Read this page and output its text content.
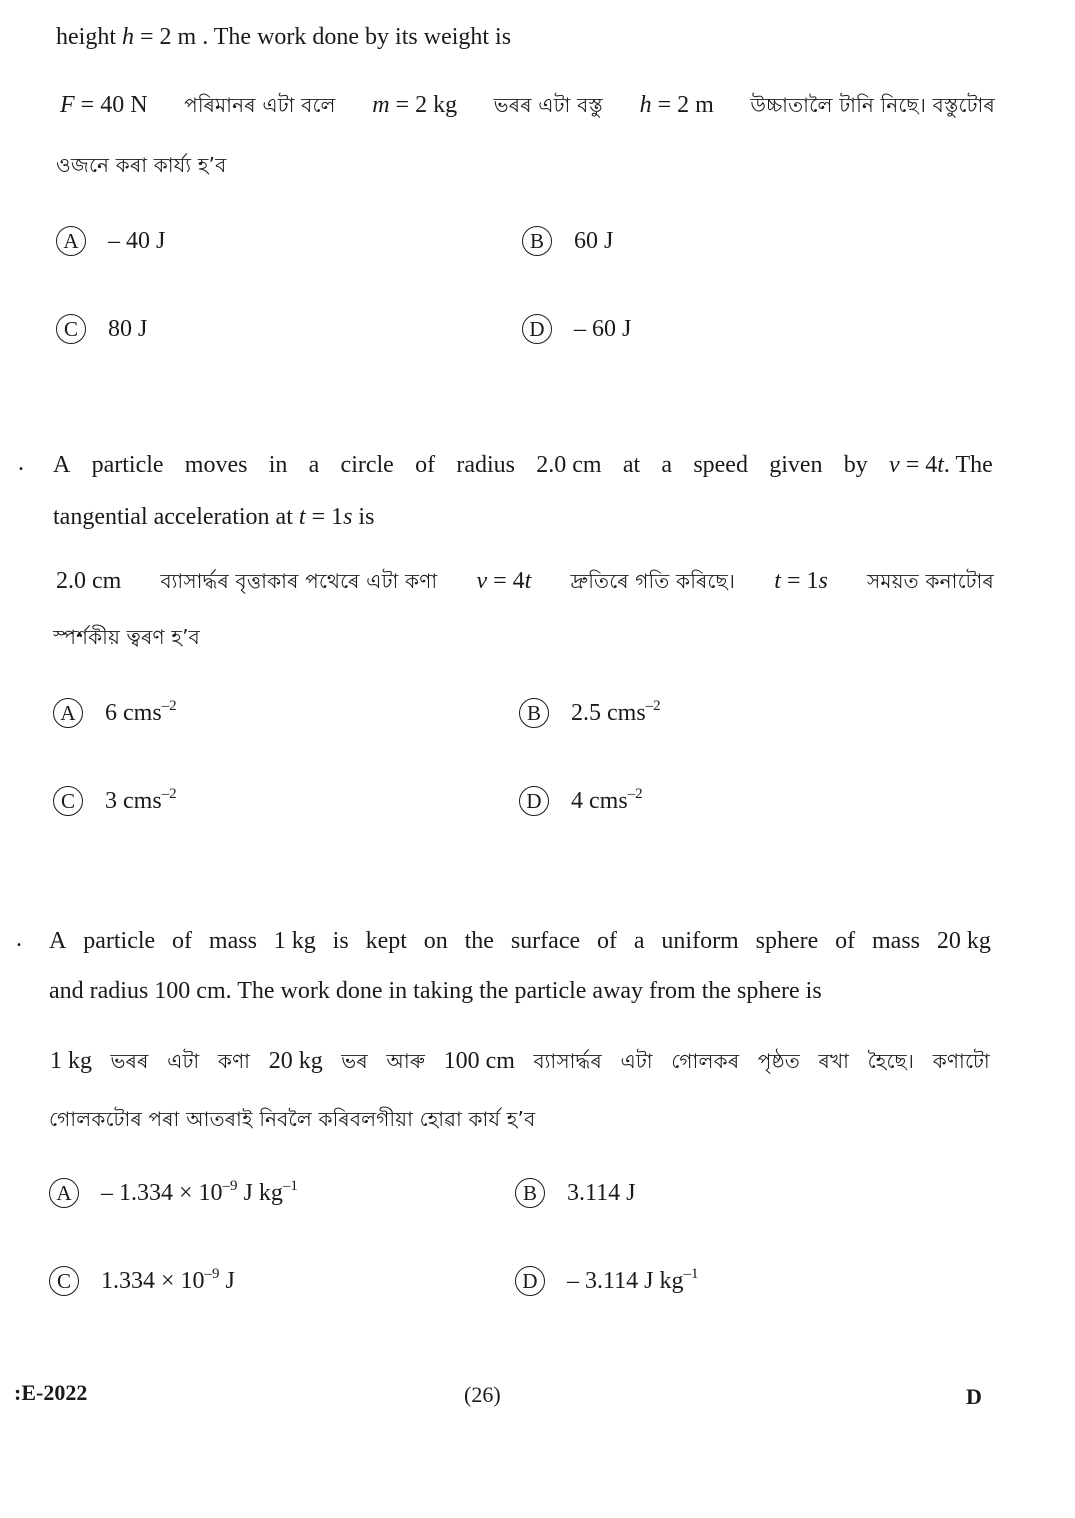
height h = 2 m . The work done by its weight is
F = 40 N পৰিমানৰ এটা বলে m = 2 kg ভৰৰ এটা বস্তু h = 2 m উচ্চাতালৈ টানি নিছে। বস্তুটোৰ
ওজনে কৰা কাৰ্য্য হ’ব
A	– 40 J	B	60 J
C	80 J	D	– 60 J
. A particle moves in a circle of radius 2.0 cm at a speed given by v = 4t. The
tangential acceleration at t = 1s is
2.0 cm ব্যাসাৰ্দ্ধৰ বৃত্তাকাৰ পথেৰে এটা কণা v = 4t দ্ৰুতিৰে গতি কৰিছে। t = 1s সময়ত কনাটোৰ
স্পৰ্শকীয় ত্বৰণ হ’ব
A	6 cms$^{-2}$	B	2.5 cms$^{-2}$
C	3 cms$^{-2}$	D	4 cms$^{-2}$
. A particle of mass 1 kg is kept on the surface of a uniform sphere of mass 20 kg
and radius 100 cm. The work done in taking the particle away from the sphere is
1 kg ভৰৰ এটা কণা 20 kg ভৰ আৰু 100 cm ব্যাসাৰ্দ্ধৰ এটা গোলকৰ পৃষ্ঠত ৰখা হৈছে। কণাটো
গোলকটোৰ পৰা আতৰাই নিবলৈ কৰিবলগীয়া হোৱা কাৰ্য হ’ব
A	– $1.334 \times 10^{-9}$ J $kg^{-1}$	B	3.114 J
C	$1.334 \times 10^{-9}$ J	D	– 3.114 J $kg^{-1}$
:E-2022	(26)	D
